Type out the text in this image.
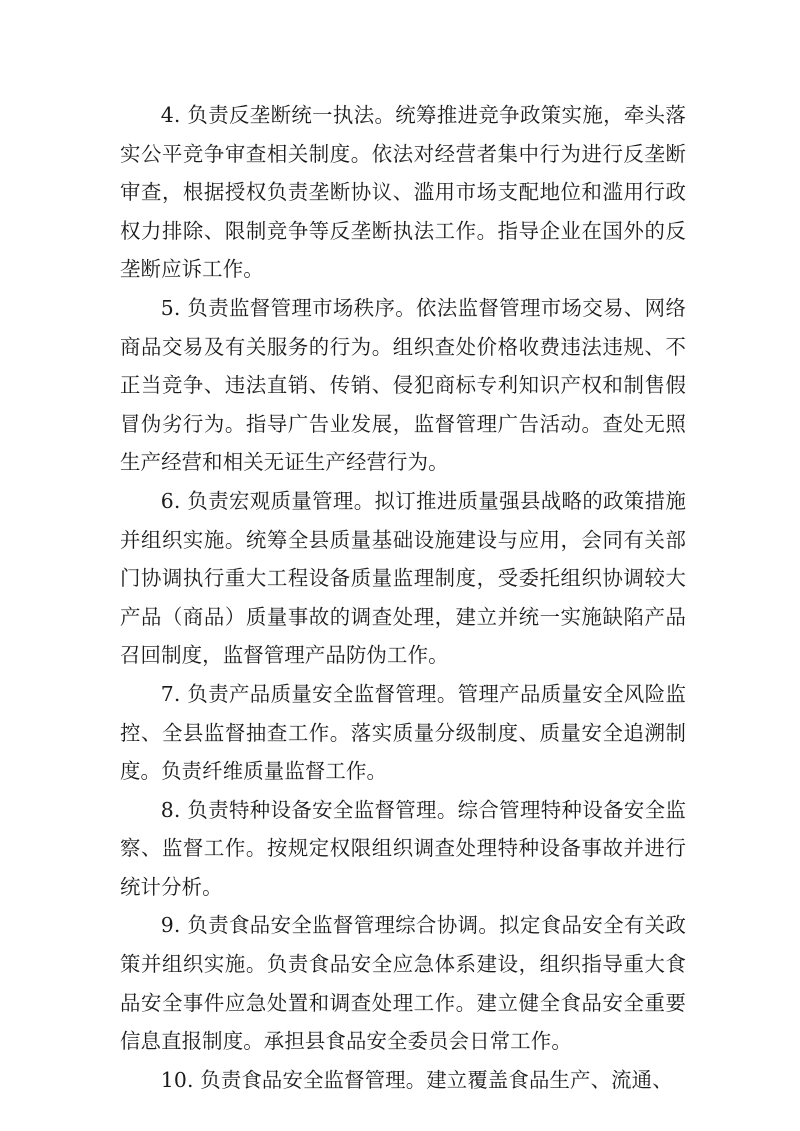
4. 负责反垄断统一执法。统筹推进竞争政策实施，牵头落实公平竞争审查相关制度。依法对经营者集中行为进行反垄断审查，根据授权负责垄断协议、滥用市场支配地位和滥用行政权力排除、限制竞争等反垄断执法工作。指导企业在国外的反垄断应诉工作。

5. 负责监督管理市场秩序。依法监督管理市场交易、网络商品交易及有关服务的行为。组织查处价格收费违法违规、不正当竞争、违法直销、传销、侵犯商标专利知识产权和制售假冒伪劣行为。指导广告业发展，监督管理广告活动。查处无照生产经营和相关无证生产经营行为。

6. 负责宏观质量管理。拟订推进质量强县战略的政策措施并组织实施。统筹全县质量基础设施建设与应用，会同有关部门协调执行重大工程设备质量监理制度，受委托组织协调较大产品（商品）质量事故的调查处理，建立并统一实施缺陷产品召回制度，监督管理产品防伪工作。

7. 负责产品质量安全监督管理。管理产品质量安全风险监控、全县监督抽查工作。落实质量分级制度、质量安全追溯制度。负责纤维质量监督工作。

8. 负责特种设备安全监督管理。综合管理特种设备安全监察、监督工作。按规定权限组织调查处理特种设备事故并进行统计分析。

9. 负责食品安全监督管理综合协调。拟定食品安全有关政策并组织实施。负责食品安全应急体系建设，组织指导重大食品安全事件应急处置和调查处理工作。建立健全食品安全重要信息直报制度。承担县食品安全委员会日常工作。

10. 负责食品安全监督管理。建立覆盖食品生产、流通、
